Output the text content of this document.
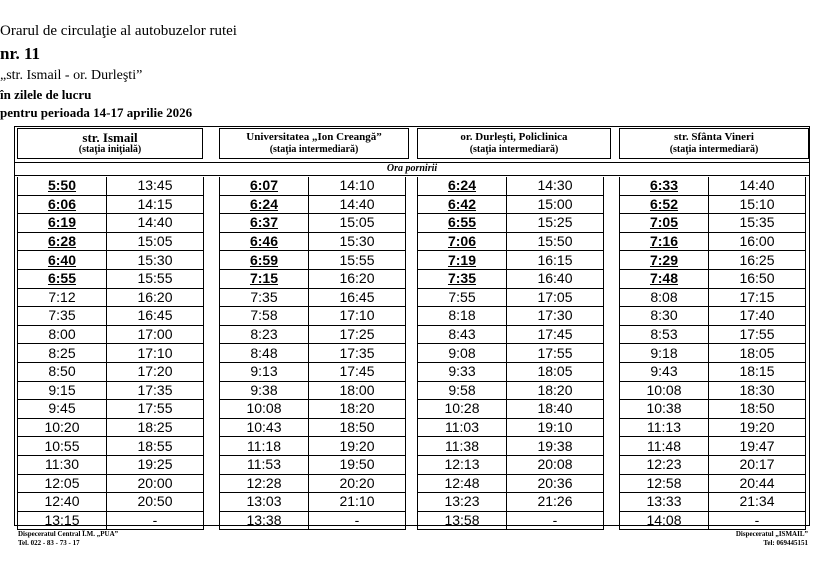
Orarul de circulaţie al autobuzelor rutei
nr. 11
„str. Ismail - or. Durleşti”
în zilele de lucru
pentru perioada 14-17 aprilie 2026
str. Ismail
(staţia iniţială)
Universitatea „Ion Creangă”
(staţia intermediară)
or. Durleşti, Policlinica
(staţia intermediară)
str. Sfânta Vineri
(staţia intermediară)
Ora pornirii
5:50	13:45
6:06	14:15
6:19	14:40
6:28	15:05
6:40	15:30
6:55	15:55
7:12	16:20
7:35	16:45
8:00	17:00
8:25	17:10
8:50	17:20
9:15	17:35
9:45	17:55
10:20	18:25
10:55	18:55
11:30	19:25
12:05	20:00
12:40	20:50
13:15	-
6:07	14:10
6:24	14:40
6:37	15:05
6:46	15:30
6:59	15:55
7:15	16:20
7:35	16:45
7:58	17:10
8:23	17:25
8:48	17:35
9:13	17:45
9:38	18:00
10:08	18:20
10:43	18:50
11:18	19:20
11:53	19:50
12:28	20:20
13:03	21:10
13:38	-
6:24	14:30
6:42	15:00
6:55	15:25
7:06	15:50
7:19	16:15
7:35	16:40
7:55	17:05
8:18	17:30
8:43	17:45
9:08	17:55
9:33	18:05
9:58	18:20
10:28	18:40
11:03	19:10
11:38	19:38
12:13	20:08
12:48	20:36
13:23	21:26
13:58	-
6:33	14:40
6:52	15:10
7:05	15:35
7:16	16:00
7:29	16:25
7:48	16:50
8:08	17:15
8:30	17:40
8:53	17:55
9:18	18:05
9:43	18:15
10:08	18:30
10:38	18:50
11:13	19:20
11:48	19:47
12:23	20:17
12:58	20:44
13:33	21:34
14:08	-
Dispeceratul Central Î.M. „PUA”
Tel. 022 - 83 - 73 - 17
Dispeceratul „ISMAIL”
Tel: 069445151
